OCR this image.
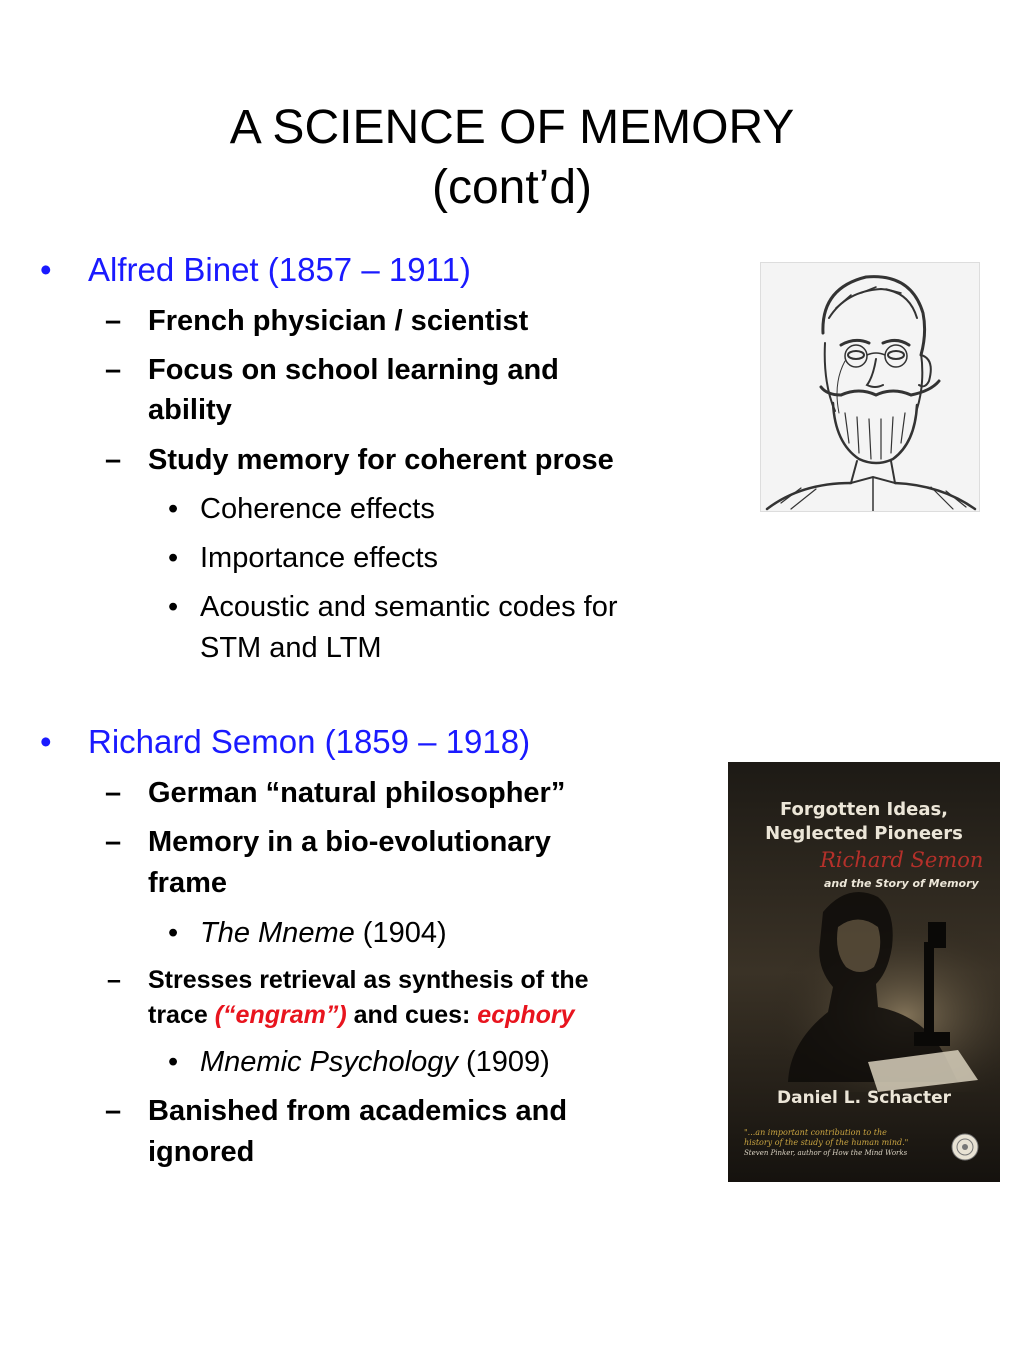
A SCIENCE OF MEMORY
(cont’d)
• Alfred Binet (1857 – 1911)
– French physician / scientist
– Focus on school learning and
ability
– Study memory for coherent prose
• Coherence effects
• Importance effects
• Acoustic and semantic codes for
STM and LTM
• Richard Semon (1859 – 1918)
– German “natural philosopher”
– Memory in a bio-evolutionary
frame
• The Mneme (1904)
– Stresses retrieval as synthesis of the
trace (“engram”) and cues: ecphory
• Mnemic Psychology (1909)
– Banished from academics and
ignored
Forgotten Ideas,
Neglected Pioneers
Richard Semon
and the Story of Memory
Daniel L. Schacter
"...an important contribution to the
history of the study of the human mind."
Steven Pinker, author of How the Mind Works
